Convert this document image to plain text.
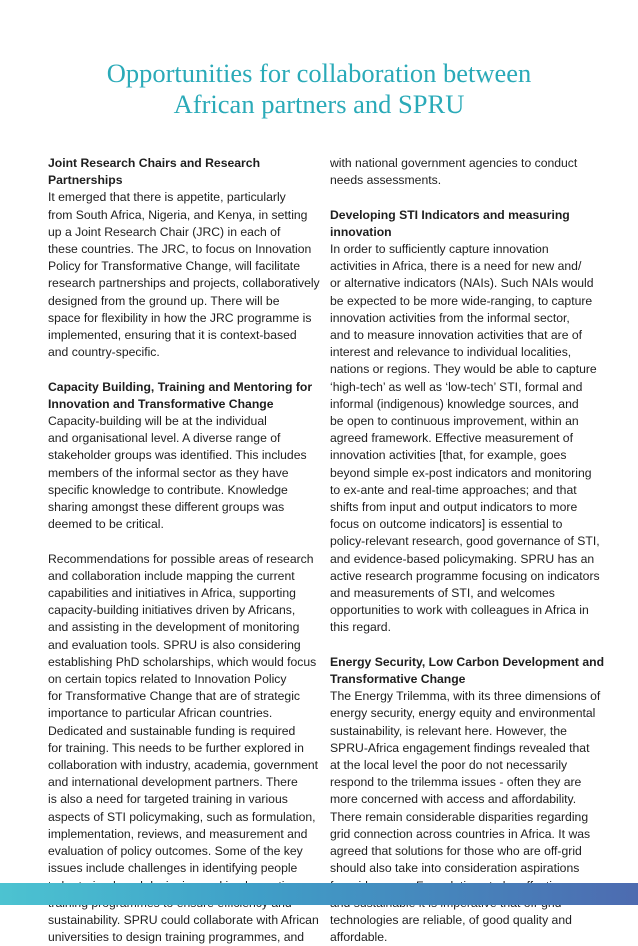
Opportunities for collaboration between
African partners and SPRU

Joint Research Chairs and Research
Partnerships
It emerged that there is appetite, particularly
from South Africa, Nigeria, and Kenya, in setting
up a Joint Research Chair (JRC) in each of
these countries. The JRC, to focus on Innovation
Policy for Transformative Change, will facilitate
research partnerships and projects, collaboratively
designed from the ground up. There will be
space for flexibility in how the JRC programme is
implemented, ensuring that it is context-based
and country-specific.

Capacity Building, Training and Mentoring for
Innovation and Transformative Change
Capacity-building will be at the individual
and organisational level. A diverse range of
stakeholder groups was identified. This includes
members of the informal sector as they have
specific knowledge to contribute. Knowledge
sharing amongst these different groups was
deemed to be critical.

Recommendations for possible areas of research
and collaboration include mapping the current
capabilities and initiatives in Africa, supporting
capacity-building initiatives driven by Africans,
and assisting in the development of monitoring
and evaluation tools. SPRU is also considering
establishing PhD scholarships, which would focus
on certain topics related to Innovation Policy
for Transformative Change that are of strategic
importance to particular African countries.
Dedicated and sustainable funding is required
for training. This needs to be further explored in
collaboration with industry, academia, government
and international development partners. There
is also a need for targeted training in various
aspects of STI policymaking, such as formulation,
implementation, reviews, and measurement and
evaluation of policy outcomes. Some of the key
issues include challenges in identifying people
sustainability. SPRU could collaborate with African
universities to design training programmes, and

with national government agencies to conduct
needs assessments.

Developing STI Indicators and measuring
innovation
In order to sufficiently capture innovation
activities in Africa, there is a need for new and/
or alternative indicators (NAIs). Such NAIs would
be expected to be more wide-ranging, to capture
innovation activities from the informal sector,
and to measure innovation activities that are of
interest and relevance to individual localities,
nations or regions. They would be able to capture
‘high-tech’ as well as ‘low-tech’ STI, formal and
informal (indigenous) knowledge sources, and
be open to continuous improvement, within an
agreed framework. Effective measurement of
innovation activities [that, for example, goes
beyond simple ex-post indicators and monitoring
to ex-ante and real-time approaches; and that
shifts from input and output indicators to more
focus on outcome indicators] is essential to
policy-relevant research, good governance of STI,
and evidence-based policymaking. SPRU has an
active research programme focusing on indicators
and measurements of STI, and welcomes
opportunities to work with colleagues in Africa in
this regard.

Energy Security, Low Carbon Development and
Transformative Change
The Energy Trilemma, with its three dimensions of
energy security, energy equity and environmental
sustainability, is relevant here. However, the
SPRU-Africa engagement findings revealed that
at the local level the poor do not necessarily
respond to the trilemma issues - often they are
more concerned with access and affordability.
There remain considerable disparities regarding
grid connection across countries in Africa. It was
agreed that solutions for those who are off-grid
should also take into consideration aspirations
technologies are reliable, of good quality and
affordable.
